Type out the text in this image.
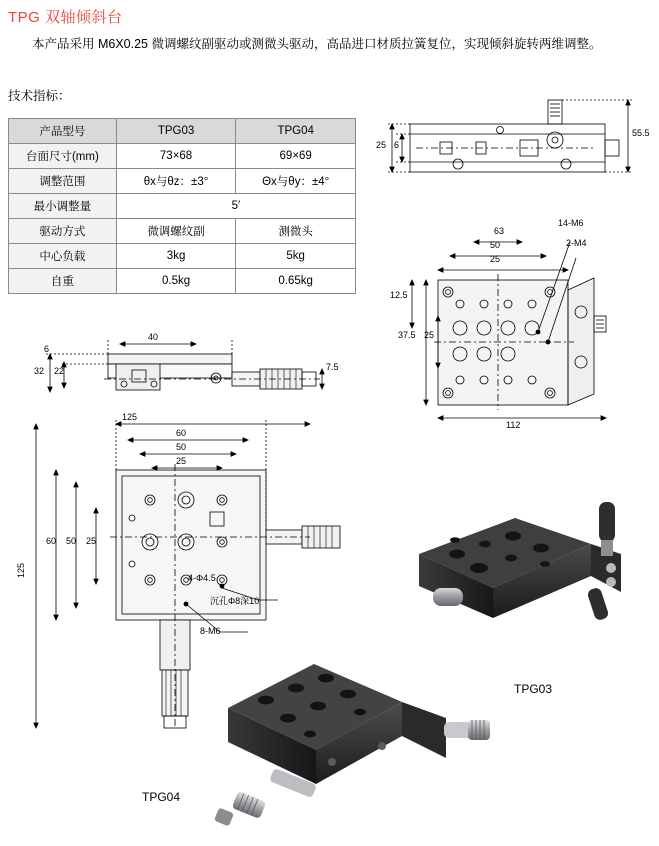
TPG 双轴倾斜台
本产品采用 M6X0.25 微调螺纹副驱动或测微头驱动，高品进口材质拉簧复位，实现倾斜旋转两维调整。
技术指标：
产品型号	TPG03	TPG04
台面尺寸(mm)	73×68	69×69
调整范围	θx与θz：±3°	Θx与θy：±4°
最小调整量	5′	
驱动方式	微调螺纹副	测微头
中心负载	3kg	5kg
自重	0.5kg	0.65kg
25 6
55.5
63
50
25
12.5
37.5 25
112
14-M6
2-M4
40
6
32 22	7.5
125
60
50
25
125
60 50 25
4-Φ4.5
沉孔Φ8深10
8-M6
TPG03
TPG04
